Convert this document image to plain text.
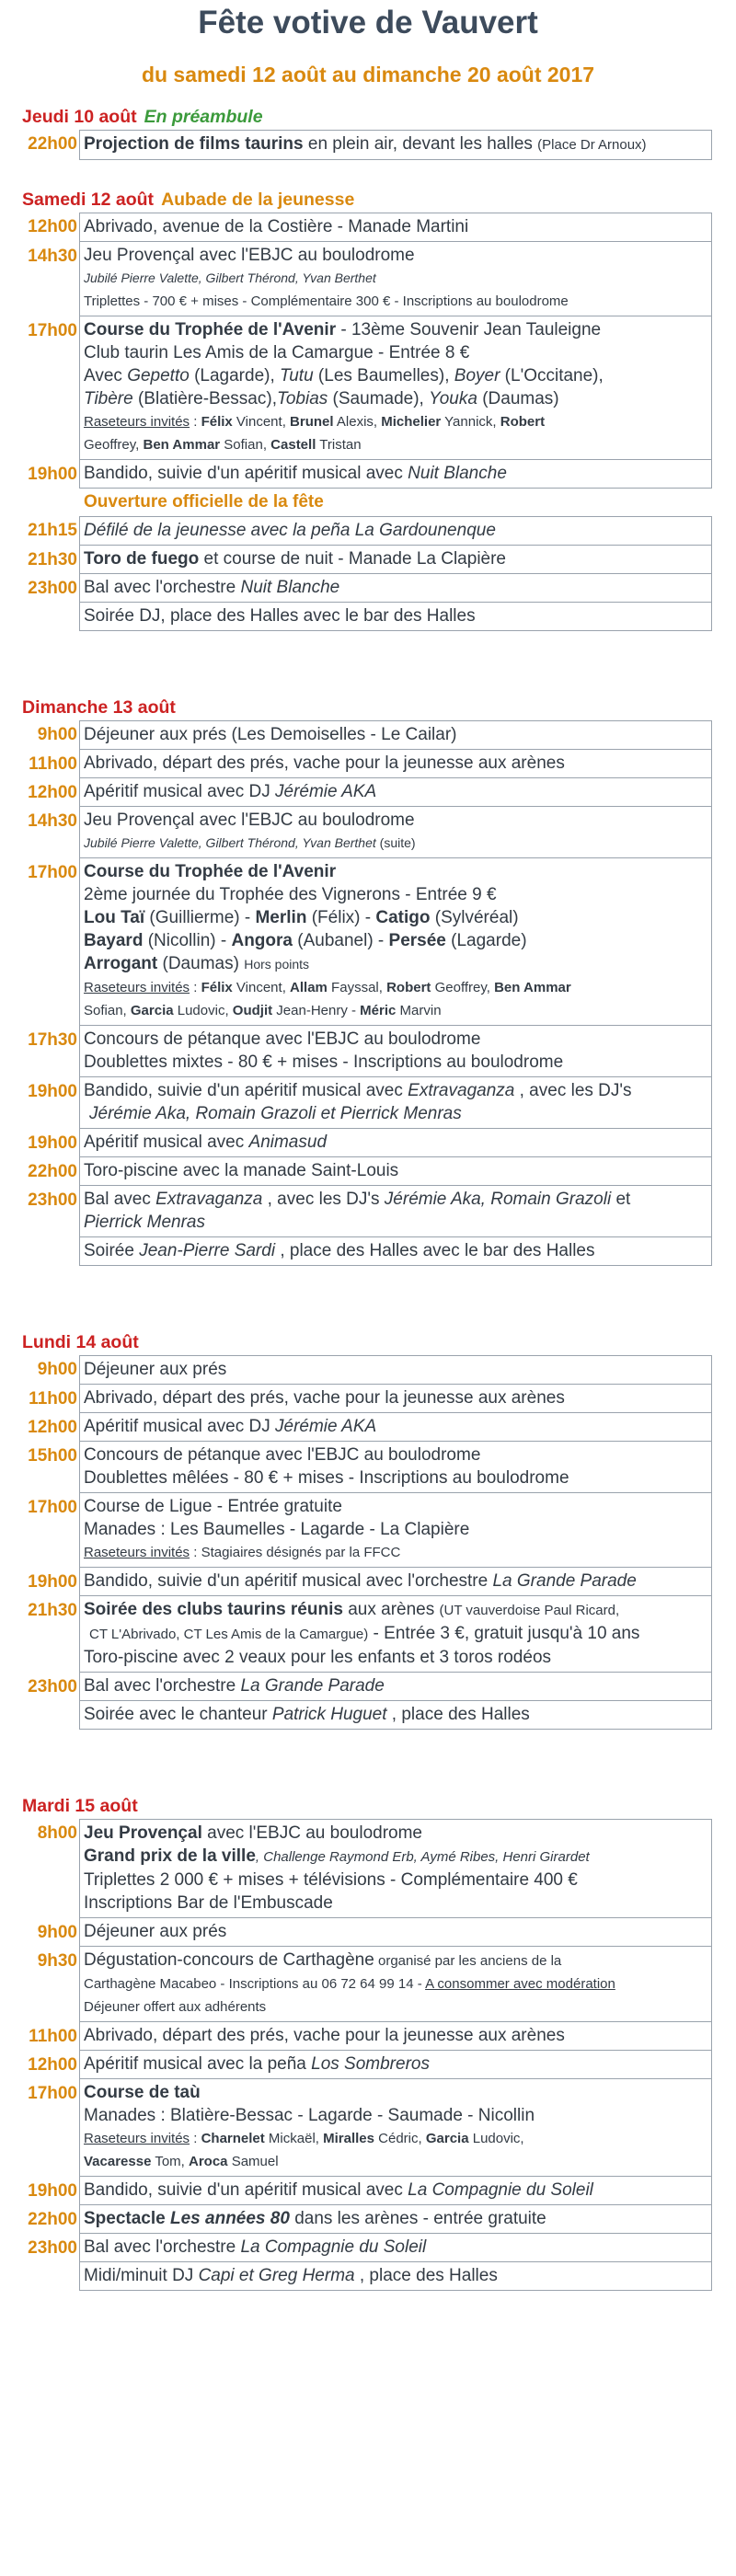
Fête votive de Vauvert
du samedi 12 août au dimanche 20 août 2017
Jeudi 10 août En préambule
22h00 Projection de films taurins en plein air, devant les halles (Place Dr Arnoux)
Samedi 12 août Aubade de la jeunesse
12h00 Abrivado, avenue de la Costière - Manade Martini
14h30 Jeu Provençal avec l'EBJC au boulodrome
Jubilé Pierre Valette, Gilbert Thérond, Yvan Berthet
Triplettes - 700 € + mises - Complémentaire 300 € - Inscriptions au boulodrome
17h00 Course du Trophée de l'Avenir - 13ème Souvenir Jean Tauleigne
Club taurin Les Amis de la Camargue - Entrée 8 €
Avec Gepetto (Lagarde), Tutu (Les Baumelles), Boyer (L'Occitane),
Tibère (Blatière-Bessac),Tobias (Saumade), Youka (Daumas)
Raseteurs invités : Félix Vincent, Brunel Alexis, Michelier Yannick, Robert
Geoffrey, Ben Ammar Sofian, Castell Tristan
19h00 Bandido, suivie d'un apéritif musical avec Nuit Blanche
Ouverture officielle de la fête
21h15 Défilé de la jeunesse avec la peña La Gardounenque
21h30 Toro de fuego et course de nuit - Manade La Clapière
23h00 Bal avec l'orchestre Nuit Blanche
Soirée DJ, place des Halles avec le bar des Halles
Dimanche 13 août
9h00 Déjeuner aux prés (Les Demoiselles - Le Cailar)
11h00 Abrivado, départ des prés, vache pour la jeunesse aux arènes
12h00 Apéritif musical avec DJ Jérémie AKA
14h30 Jeu Provençal avec l'EBJC au boulodrome
Jubilé Pierre Valette, Gilbert Thérond, Yvan Berthet (suite)
17h00 Course du Trophée de l'Avenir
2ème journée du Trophée des Vignerons - Entrée 9 €
Lou Taï (Guillierme) - Merlin (Félix) - Catigo (Sylvéréal)
Bayard (Nicollin) - Angora (Aubanel) - Persée (Lagarde)
Arrogant (Daumas) Hors points
Raseteurs invités : Félix Vincent, Allam Fayssal, Robert Geoffrey, Ben Ammar
Sofian, Garcia Ludovic, Oudjit Jean-Henry - Méric Marvin
17h30 Concours de pétanque avec l'EBJC au boulodrome
Doublettes mixtes - 80 € + mises - Inscriptions au boulodrome
19h00 Bandido, suivie d'un apéritif musical avec Extravaganza , avec les DJ's
Jérémie Aka, Romain Grazoli et Pierrick Menras
19h00 Apéritif musical avec Animasud
22h00 Toro-piscine avec la manade Saint-Louis
23h00 Bal avec Extravaganza , avec les DJ's Jérémie Aka, Romain Grazoli et
Pierrick Menras
Soirée Jean-Pierre Sardi , place des Halles avec le bar des Halles
Lundi 14 août
9h00 Déjeuner aux prés
11h00 Abrivado, départ des prés, vache pour la jeunesse aux arènes
12h00 Apéritif musical avec DJ Jérémie AKA
15h00 Concours de pétanque avec l'EBJC au boulodrome
Doublettes mêlées - 80 € + mises - Inscriptions au boulodrome
17h00 Course de Ligue - Entrée gratuite
Manades : Les Baumelles - Lagarde - La Clapière
Raseteurs invités : Stagiaires désignés par la FFCC
19h00 Bandido, suivie d'un apéritif musical avec l'orchestre La Grande Parade
21h30 Soirée des clubs taurins réunis aux arènes (UT vauverdoise Paul Ricard,
CT L'Abrivado, CT Les Amis de la Camargue) - Entrée 3 €, gratuit jusqu'à 10 ans
Toro-piscine avec 2 veaux pour les enfants et 3 toros rodéos
23h00 Bal avec l'orchestre La Grande Parade
Soirée avec le chanteur Patrick Huguet , place des Halles
Mardi 15 août
8h00 Jeu Provençal avec l'EBJC au boulodrome
Grand prix de la ville, Challenge Raymond Erb, Aymé Ribes, Henri Girardet
Triplettes 2 000 € + mises + télévisions - Complémentaire 400 €
Inscriptions Bar de l'Embuscade
9h00 Déjeuner aux prés
9h30 Dégustation-concours de Carthagène organisé par les anciens de la
Carthagène Macabeo - Inscriptions au 06 72 64 99 14 - A consommer avec modération
Déjeuner offert aux adhérents
11h00 Abrivado, départ des prés, vache pour la jeunesse aux arènes
12h00 Apéritif musical avec la peña Los Sombreros
17h00 Course de taù
Manades : Blatière-Bessac - Lagarde - Saumade - Nicollin
Raseteurs invités : Charnelet Mickaël, Miralles Cédric, Garcia Ludovic,
Vacaresse Tom, Aroca Samuel
19h00 Bandido, suivie d'un apéritif musical avec La Compagnie du Soleil
22h00 Spectacle Les années 80 dans les arènes - entrée gratuite
23h00 Bal avec l'orchestre La Compagnie du Soleil
Midi/minuit DJ Capi et Greg Herma , place des Halles
